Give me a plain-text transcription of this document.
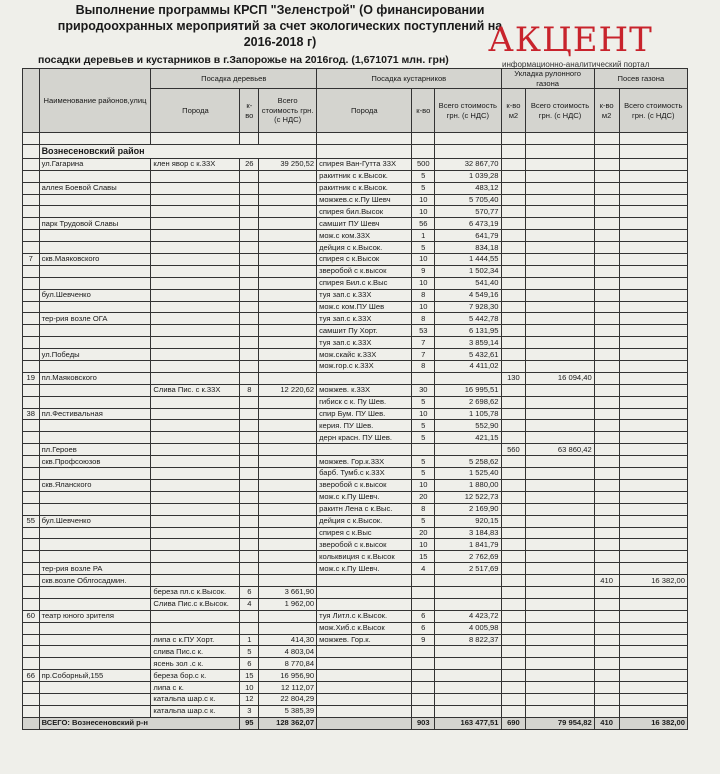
Выполнение программы КРСП "Зеленстрой" (О финансировании
природоохранных мероприятий за счет экологических поступлений на
2016-2018 г)	АКЦЕНТ
информационно-аналитический портал
посадки деревьев и кустарников в г.Запорожье на 2016год. (1,671071 млн. грн)
	Наименование районов,улиц	Посадка деревьев			Посадка кустарников			Укладка рулонного газона		Посев газона	
		Порода	к-во	Всего стоимость грн. (с НДС)	Порода	к-во	Всего стоимость грн. (с НДС)	к-во м2	Всего стоимость грн. (с НДС)	к-во м2	Всего стоимость грн. (с НДС)

	Вознесеновский район										
	ул.Гагарина	клен явор с к.33Х	26	39 250,52	спирея Ван-Гутта 33Х	500	32 867,70				
					ракитник с к.Высок.	5	1 039,28				
	аллея Боевой Славы				ракитник с к.Высок.	5	483,12				
					можжев.с к.Пу Шевч	10	5 705,40				
					спирея бил.Высок	10	570,77				
	парк Трудовой Славы				самшит ПУ Шевч	56	6 473,19				
					мож.с ком.33Х	1	641,79				
					дейция с к.Высок.	5	834,18				
7	скв.Маяковского				спирея с к.Высок	10	1 444,55				
					зверобой с к.высок	9	1 502,34				
					спирея Бил.с к.Выс	10	541,40				
	бул.Шевченко				туя зап.с к.33Х	8	4 549,16				
					мож.с ком.ПУ Шев	10	7 928,30				
	тер-рия возле ОГА				туя зап.с к.33Х	8	5 442,78				
					самшит Пу Хорт.	53	6 131,95				
					туя зап.с к.33Х	7	3 859,14				
	ул.Победы				мож.скайс к.33Х	7	5 432,61				
					мож.гор.с к.33Х	8	4 411,02				
19	пл.Маяковского							130	16 094,40		
		Слива Пис. с к.33Х	8	12 220,62	можжев. к.33Х	30	16 995,51				
					гибиск с к. Пу Шев.	5	2 698,62				
38	пл.Фестивальная				спир Бум. ПУ Шев.	10	1 105,78				
					керия. ПУ Шев.	5	552,90				
					дерн красн. ПУ Шев.	5	421,15				
	пл.Героев							560	63 860,42		
	скв.Профсоюзов				можжев. Гор.к.33Х	5	5 258,62				
					барб. Тумб.с к.33Х	5	1 525,40				
	скв.Яланского				зверобой с к.высок	10	1 880,00				
					мож.с к.Пу Шевч.	20	12 522,73				
					ракитн Лена с к.Выс.	8	2 169,90				
55	бул.Шевченко				дейция с к.Высок.	5	920,15				
					спирея с к.Выс	20	3 184,83				
					зверобой с к.высок	10	1 841,79				
					кольквиция с к.Высок	15	2 762,69				
	тер-рия возле РА				мож.с к.Пу Шевч.	4	2 517,69				
	скв.возле Облгосадмин.									410	16 382,00
		береза пл.с к.Высок.	6	3 661,90							
		Слива Пис.с к.Высок.	4	1 962,00							
60	театр юного зрителя				туя Литл.с к.Высок.	6	4 423,72				
					мож.Хиб.с к.Высок	6	4 005,98				
		липа с к.ПУ Хорт.	1	414,30	можжев. Гор.к.	9	8 822,37				
		слива Пис.с к.	5	4 803,04							
		ясень зол .с к.	6	8 770,84							
66	пр.Соборный,155	береза бор.с к.	15	16 956,90							
		липа с к.	10	12 112,07							
		катальпа шар.с к.	12	22 804,29							
		катальпа шар.с к.	3	5 385,39							
	ВСЕГО: Вознесеновский р-н		95	128 362,07		903	163 477,51	690	79 954,82	410	16 382,00
